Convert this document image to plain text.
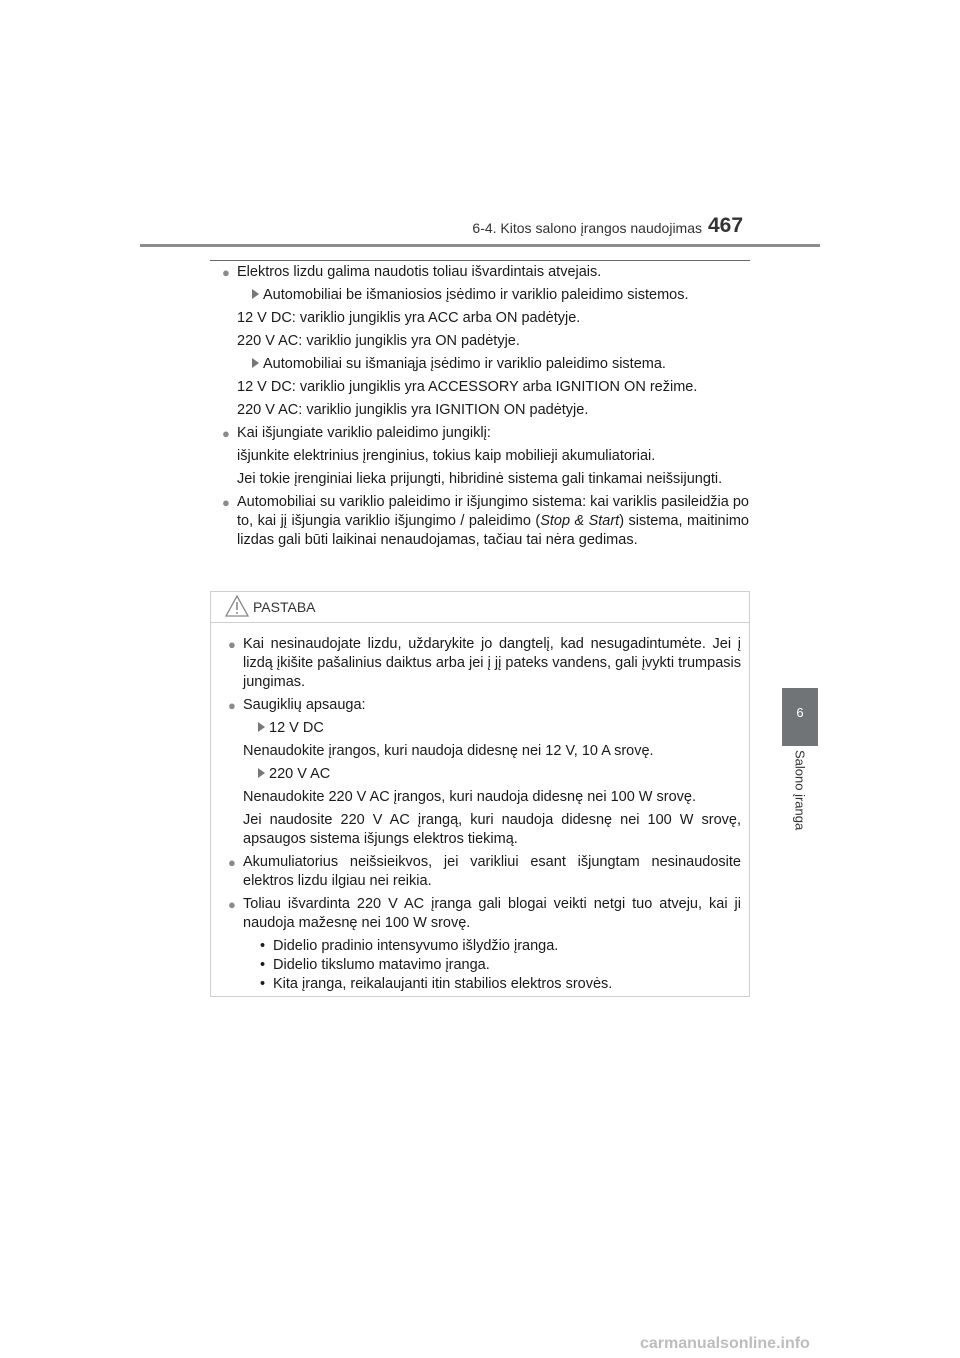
6-4. Kitos salono įrangos naudojimas 467
6
Salono įranga
● Elektros lizdu galima naudotis toliau išvardintais atvejais.
Automobiliai be išmaniosios įsėdimo ir variklio paleidimo sistemos.
12 V DC: variklio jungiklis yra ACC arba ON padėtyje.
220 V AC: variklio jungiklis yra ON padėtyje.
Automobiliai su išmaniąja įsėdimo ir variklio paleidimo sistema.
12 V DC: variklio jungiklis yra ACCESSORY arba IGNITION ON režime.
220 V AC: variklio jungiklis yra IGNITION ON padėtyje.
● Kai išjungiate variklio paleidimo jungiklį:
išjunkite elektrinius įrenginius, tokius kaip mobilieji akumuliatoriai.
Jei tokie įrenginiai lieka prijungti, hibridinė sistema gali tinkamai neišsijungti.
● Automobiliai su variklio paleidimo ir išjungimo sistema: kai variklis pasileidžia po to, kai jį išjungia variklio išjungimo / paleidimo (Stop & Start) sistema, maitinimo lizdas gali būti laikinai nenaudojamas, tačiau tai nėra gedimas.
PASTABA
● Kai nesinaudojate lizdu, uždarykite jo dangtelį, kad nesugadintumėte. Jei į lizdą įkišite pašalinius daiktus arba jei į jį pateks vandens, gali įvykti trumpasis jungimas.
● Saugiklių apsauga:
12 V DC
Nenaudokite įrangos, kuri naudoja didesnę nei 12 V, 10 A srovę.
220 V AC
Nenaudokite 220 V AC įrangos, kuri naudoja didesnę nei 100 W srovę.
Jei naudosite 220 V AC įrangą, kuri naudoja didesnę nei 100 W srovę, apsaugos sistema išjungs elektros tiekimą.
● Akumuliatorius neišsieikvos, jei varikliui esant išjungtam nesinaudosite elektros lizdu ilgiau nei reikia.
● Toliau išvardinta 220 V AC įranga gali blogai veikti netgi tuo atveju, kai ji naudoja mažesnę nei 100 W srovę.
• Didelio pradinio intensyvumo išlydžio įranga.
• Didelio tikslumo matavimo įranga.
• Kita įranga, reikalaujanti itin stabilios elektros srovės.
carmanualsonline.info
